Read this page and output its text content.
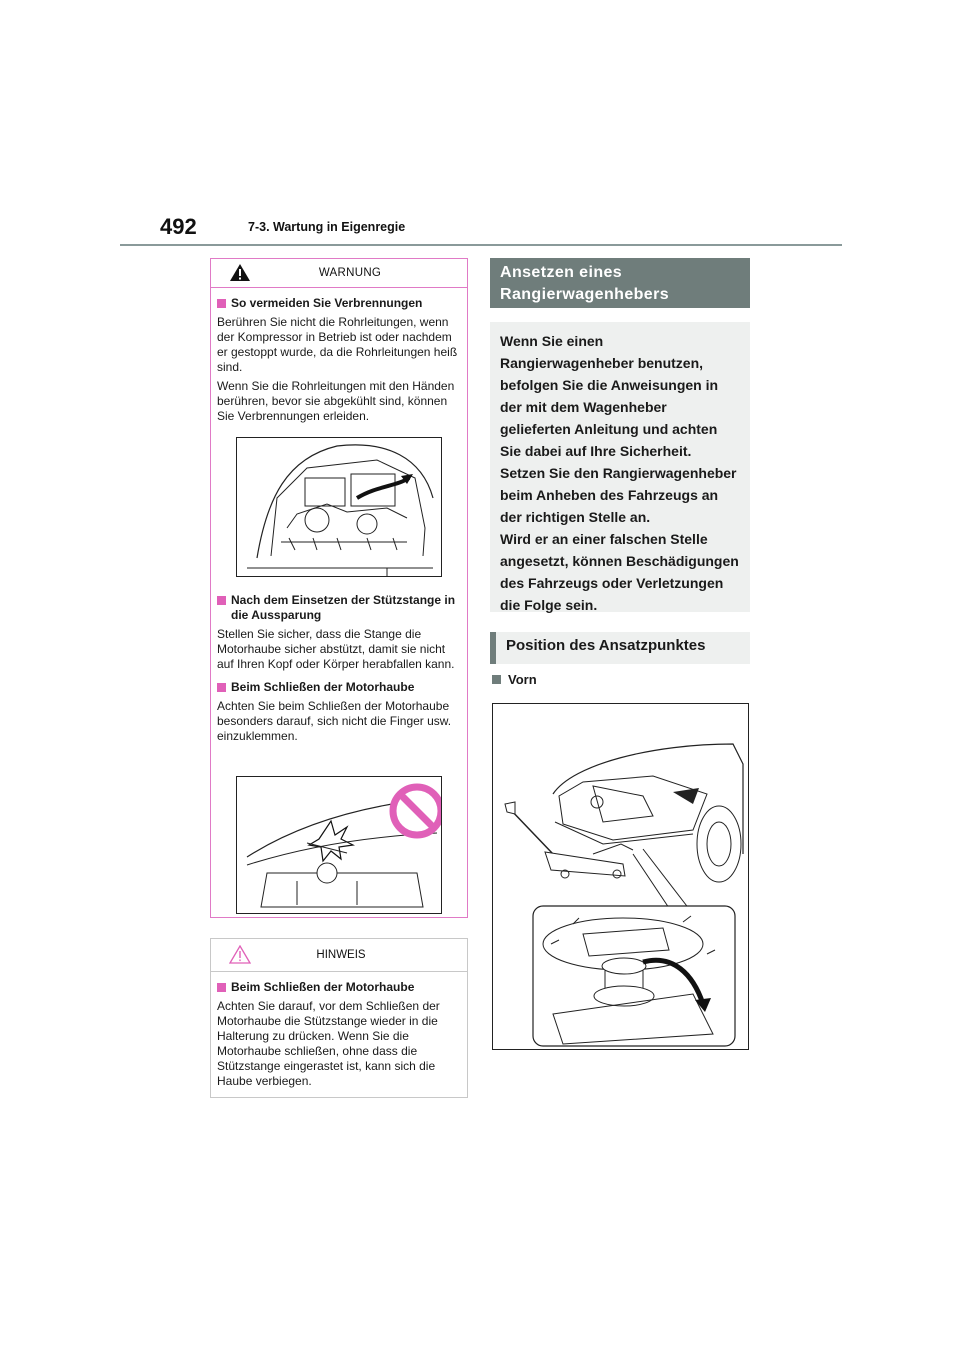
492	7-3. Wartung in Eigenregie
WARNUNG
So vermeiden Sie Verbrennungen

Berühren Sie nicht die Rohrleitungen, wenn der Kompressor in Betrieb ist oder nachdem er gestoppt wurde, da die Rohrleitungen heiß sind.

Wenn Sie die Rohrleitungen mit den Händen berühren, bevor sie abgekühlt sind, können Sie Verbrennungen erleiden.

Nach dem Einsetzen der Stützstange in die Aussparung

Stellen Sie sicher, dass die Stange die Motorhaube sicher abstützt, damit sie nicht auf Ihren Kopf oder Körper herabfallen kann.

Beim Schließen der Motorhaube

Achten Sie beim Schließen der Motorhaube besonders darauf, sich nicht die Finger usw. einzuklemmen.

HINWEIS
Beim Schließen der Motorhaube

Achten Sie darauf, vor dem Schließen der Motorhaube die Stützstange wieder in die Halterung zu drücken. Wenn Sie die Motorhaube schließen, ohne dass die Stützstange eingerastet ist, kann sich die Haube verbiegen.

Ansetzen eines Rangierwagenhebers
Wenn Sie einen Rangierwagenheber benutzen, befolgen Sie die Anweisungen in der mit dem Wagenheber gelieferten Anleitung und achten Sie dabei auf Ihre Sicherheit.
Setzen Sie den Rangierwagenheber beim Anheben des Fahrzeugs an der richtigen Stelle an.
Wird er an einer falschen Stelle angesetzt, können Beschädigungen des Fahrzeugs oder Verletzungen die Folge sein.
Position des Ansatzpunktes
Vorn
